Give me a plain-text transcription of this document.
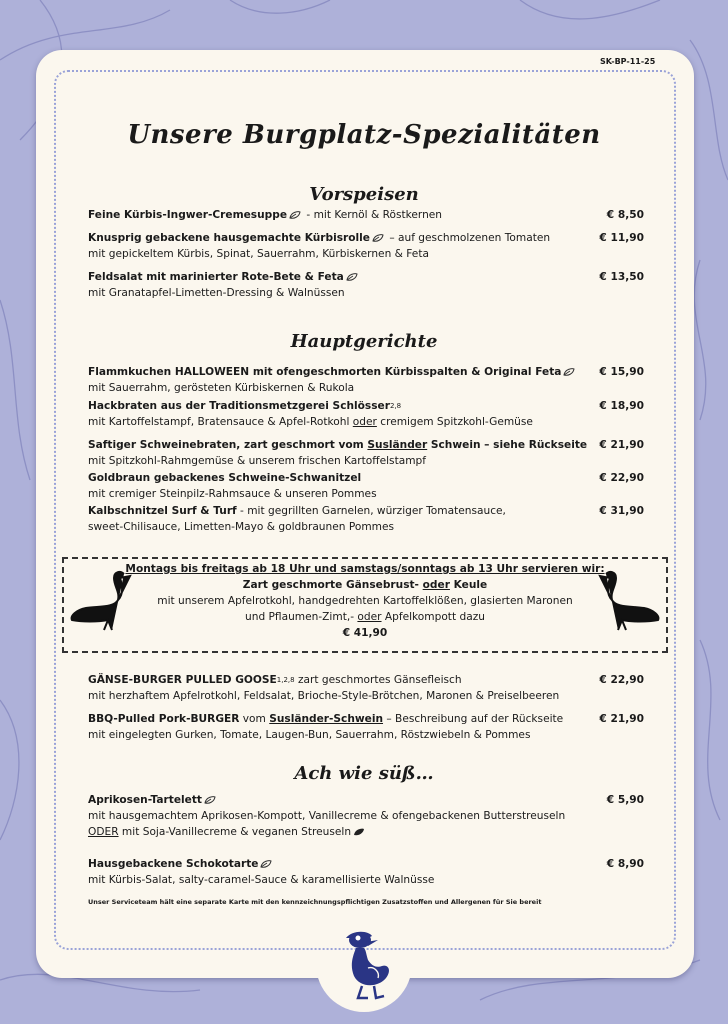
SK-BP-11-25
Unsere Burgplatz-Spezialitäten
Vorspeisen
Feine Kürbis-Ingwer-Cremesuppe - mit Kernöl & Röstkernen	€ 8,50
Knusprig gebackene hausgemachte Kürbisrolle – auf geschmolzenen Tomaten
mit gepickeltem Kürbis, Spinat, Sauerrahm, Kürbiskernen & Feta
€ 11,90
Feldsalat mit marinierter Rote-Bete & Feta
mit Granatapfel-Limetten-Dressing & Walnüssen
€ 13,50
Hauptgerichte
Flammkuchen HALLOWEEN mit ofengeschmorten Kürbisspalten & Original Feta
mit Sauerrahm, gerösteten Kürbiskernen & Rukola
€ 15,90
Hackbraten aus der Traditionsmetzgerei Schlösser$^{2,8}$
mit Kartoffelstampf, Bratensauce & Apfel-Rotkohl oder cremigem Spitzkohl-Gemüse
€ 18,90
Saftiger Schweinebraten, zart geschmort vom Susländer Schwein – siehe Rückseite
mit Spitzkohl-Rahmgemüse & unserem frischen Kartoffelstampf
€ 21,90
Goldbraun gebackenes Schweine-Schwanitzel
mit cremiger Steinpilz-Rahmsauce & unseren Pommes
€ 22,90
Kalbschnitzel Surf & Turf - mit gegrillten Garnelen, würziger Tomatensauce,
sweet-Chilisauce, Limetten-Mayo & goldbraunen Pommes
€ 31,90
Montags bis freitags ab 18 Uhr und samstags/sonntags ab 13 Uhr servieren wir:
Zart geschmorte Gänsebrust- oder Keule
mit unserem Apfelrotkohl, handgedrehten Kartoffelklößen, glasierten Maronen
und Pflaumen-Zimt,- oder Apfelkompott dazu
€ 41,90
GÄNSE-BURGER PULLED GOOSE$^{1,2,8}$ zart geschmortes Gänsefleisch
mit herzhaftem Apfelrotkohl, Feldsalat, Brioche-Style-Brötchen, Maronen & Preiselbeeren
€ 22,90
BBQ-Pulled Pork-BURGER vom Susländer-Schwein – Beschreibung auf der Rückseite
mit eingelegten Gurken, Tomate, Laugen-Bun, Sauerrahm, Röstzwiebeln & Pommes
€ 21,90
Ach wie süß…
Aprikosen-Tartelett
mit hausgemachtem Aprikosen-Kompott, Vanillecreme & ofengebackenen Butterstreuseln
ODER mit Soja-Vanillecreme & veganen Streuseln
€ 5,90
Hausgebackene Schokotarte
mit Kürbis-Salat, salty-caramel-Sauce & karamellisierte Walnüsse
€ 8,90
Unser Serviceteam hält eine separate Karte mit den kennzeichnungspflichtigen Zusatzstoffen und Allergenen für Sie bereit
